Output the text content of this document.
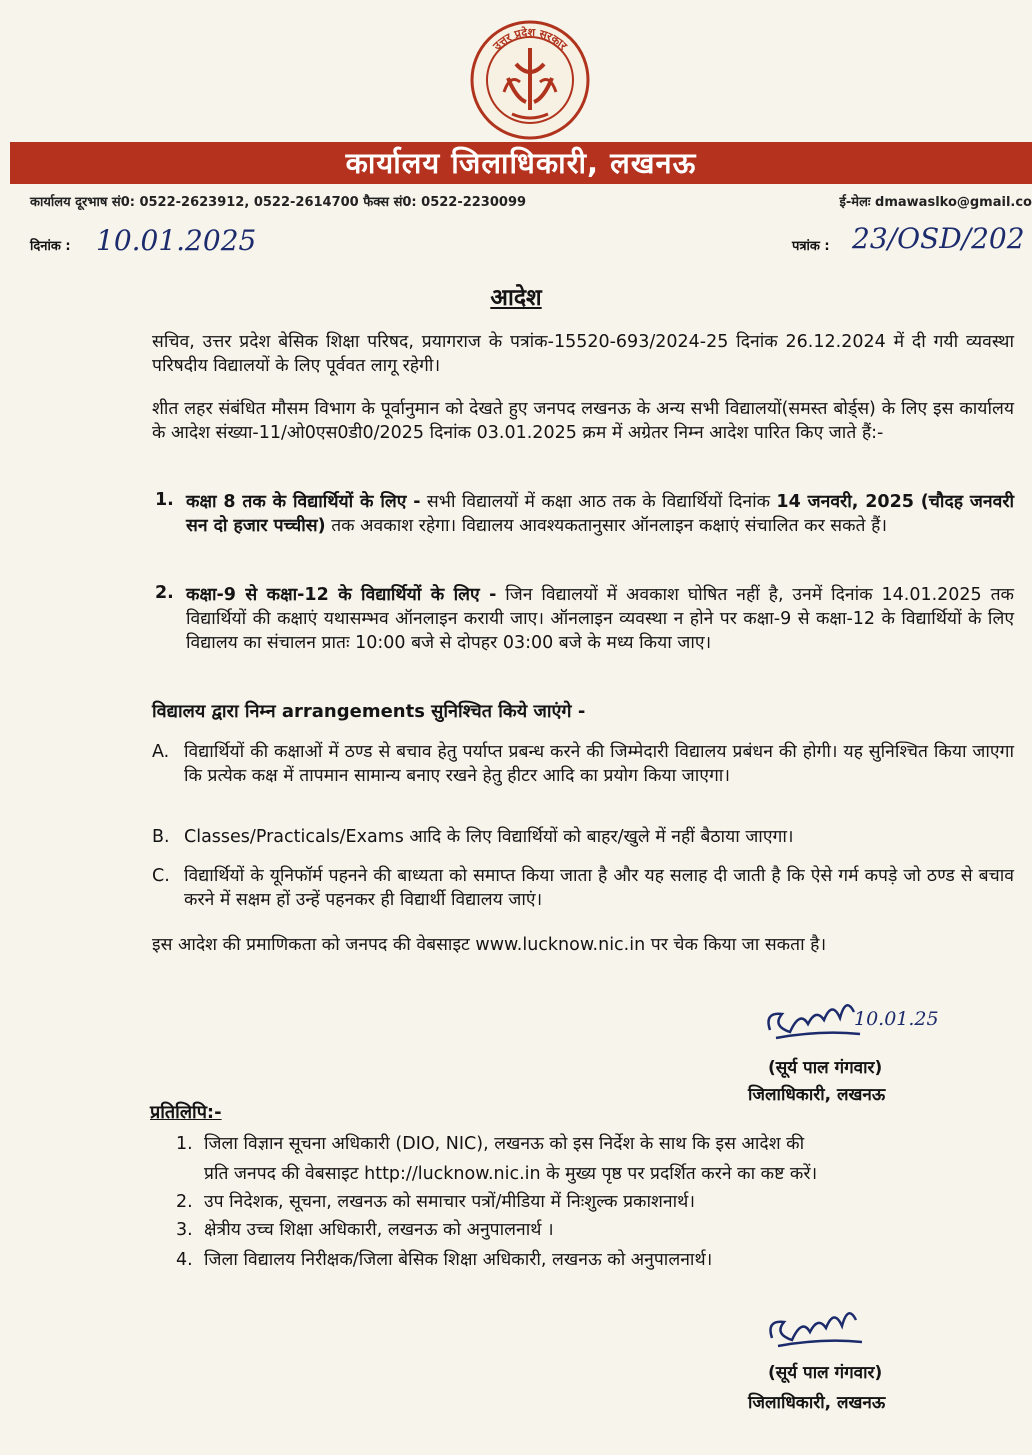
उत्तर प्रदेश सरकार
कार्यालय जिलाधिकारी, लखनऊ
कार्यालय दूरभाष सं0: 0522-2623912, 0522-2614700 फैक्स सं0: 0522-2230099	ई-मेलः dmawaslko@gmail.co
दिनांक : 10.01.2025	पत्रांक : 23/OSD/202
आदेश
सचिव, उत्तर प्रदेश बेसिक शिक्षा परिषद, प्रयागराज के पत्रांक-15520-693/2024-25 दिनांक 26.12.2024 में दी गयी व्यवस्था परिषदीय विद्यालयों के लिए पूर्ववत लागू रहेगी।
शीत लहर संबंधित मौसम विभाग के पूर्वानुमान को देखते हुए जनपद लखनऊ के अन्य सभी विद्यालयों(समस्त बोर्ड्स) के लिए इस कार्यालय के आदेश संख्या-11/ओ0एस0डी0/2025 दिनांक 03.01.2025 क्रम में अग्रेतर निम्न आदेश पारित किए जाते हैं:-
1. कक्षा 8 तक के विद्यार्थियों के लिए - सभी विद्यालयों में कक्षा आठ तक के विद्यार्थियों दिनांक 14 जनवरी, 2025 (चौदह जनवरी सन दो हजार पच्चीस) तक अवकाश रहेगा। विद्यालय आवश्यकतानुसार ऑनलाइन कक्षाएं संचालित कर सकते हैं।
2. कक्षा-9 से कक्षा-12 के विद्यार्थियों के लिए - जिन विद्यालयों में अवकाश घोषित नहीं है, उनमें दिनांक 14.01.2025 तक विद्यार्थियों की कक्षाएं यथासम्भव ऑनलाइन करायी जाए। ऑनलाइन व्यवस्था न होने पर कक्षा-9 से कक्षा-12 के विद्यार्थियों के लिए विद्यालय का संचालन प्रातः 10:00 बजे से दोपहर 03:00 बजे के मध्य किया जाए।
विद्यालय द्वारा निम्न arrangements सुनिश्चित किये जाएंगे -
A. विद्यार्थियों की कक्षाओं में ठण्ड से बचाव हेतु पर्याप्त प्रबन्ध करने की जिम्मेदारी विद्यालय प्रबंधन की होगी। यह सुनिश्चित किया जाएगा कि प्रत्येक कक्ष में तापमान सामान्य बनाए रखने हेतु हीटर आदि का प्रयोग किया जाएगा।
B. Classes/Practicals/Exams आदि के लिए विद्यार्थियों को बाहर/खुले में नहीं बैठाया जाएगा।
C. विद्यार्थियों के यूनिफॉर्म पहनने की बाध्यता को समाप्त किया जाता है और यह सलाह दी जाती है कि ऐसे गर्म कपड़े जो ठण्ड से बचाव करने में सक्षम हों उन्हें पहनकर ही विद्यार्थी विद्यालय जाएं।
इस आदेश की प्रमाणिकता को जनपद की वेबसाइट www.lucknow.nic.in पर चेक किया जा सकता है।
10.01.25
(सूर्य पाल गंगवार)
जिलाधिकारी, लखनऊ
प्रतिलिपि:-
1. जिला विज्ञान सूचना अधिकारी (DIO, NIC), लखनऊ को इस निर्देश के साथ कि इस आदेश की
प्रति जनपद की वेबसाइट http://lucknow.nic.in के मुख्य पृष्ठ पर प्रदर्शित करने का कष्ट करें।
2. उप निदेशक, सूचना, लखनऊ को समाचार पत्रों/मीडिया में निःशुल्क प्रकाशनार्थ।
3. क्षेत्रीय उच्च शिक्षा अधिकारी, लखनऊ को अनुपालनार्थ ।
4. जिला विद्यालय निरीक्षक/जिला बेसिक शिक्षा अधिकारी, लखनऊ को अनुपालनार्थ।
(सूर्य पाल गंगवार)
जिलाधिकारी, लखनऊ
